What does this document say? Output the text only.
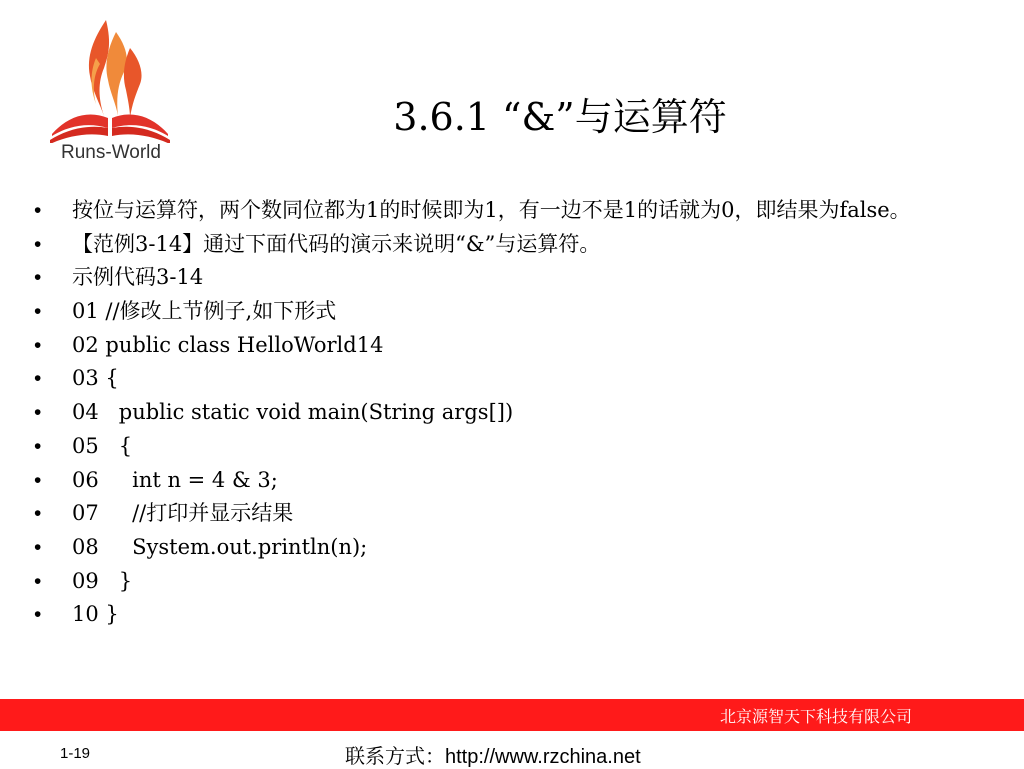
Runs-World
3.6.1 “&”与运算符
• 按位与运算符，两个数同位都为1的时候即为1，有一边不是1的话就为0，即结果为false。
• 【范例3-14】通过下面代码的演示来说明“&”与运算符。
• 示例代码3-14
• 01 //修改上节例子,如下形式
• 02 public class HelloWorld14
• 03 {
• 04   public static void main(String args[])
• 05   {
• 06     int n = 4 & 3;
• 07     //打印并显示结果
• 08     System.out.println(n);
• 09   }
• 10 }
北京源智天下科技有限公司
1-19	联系方式：http://www.rzchina.net
